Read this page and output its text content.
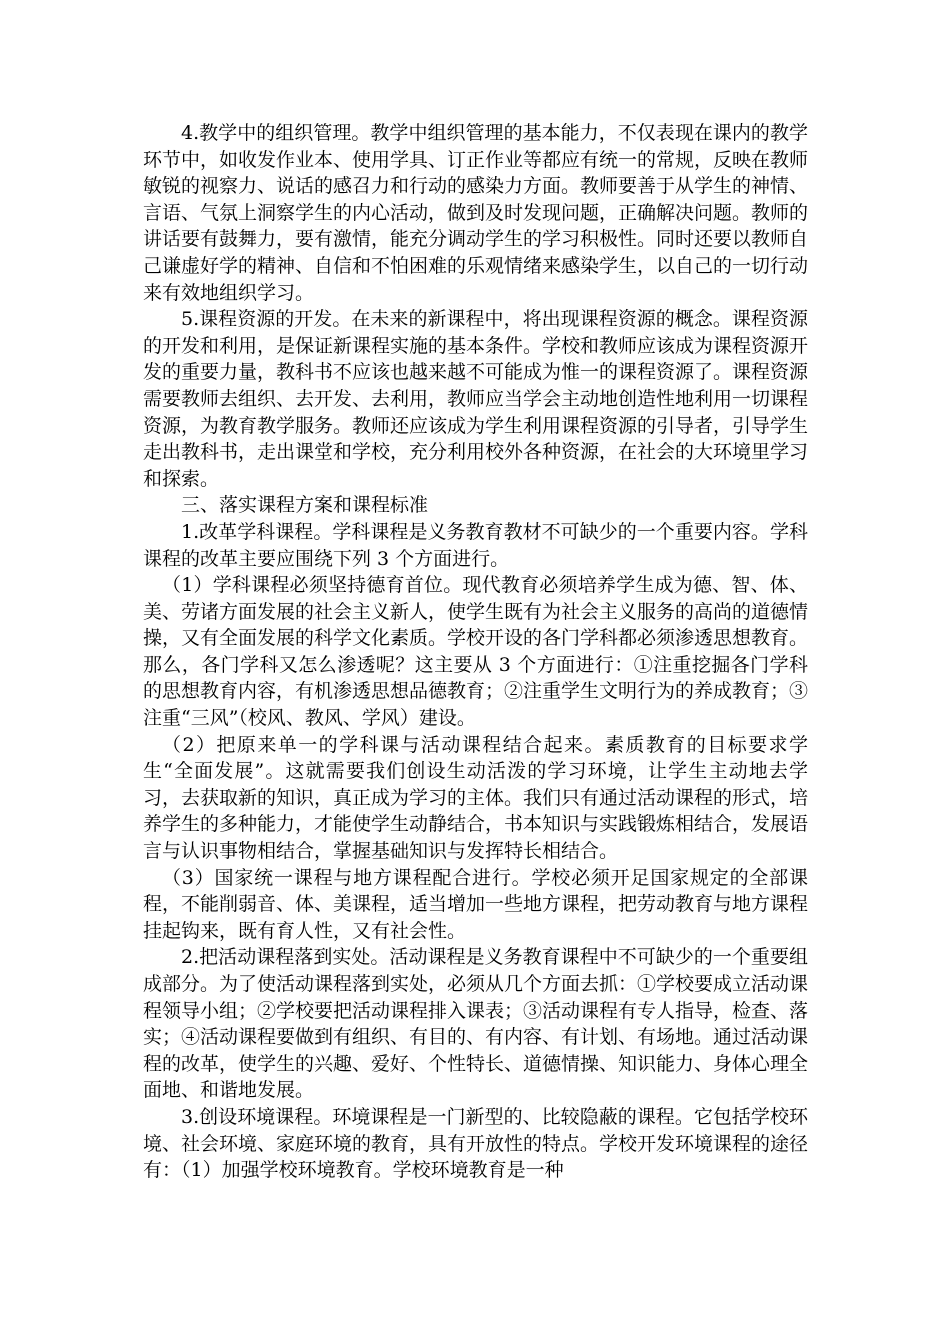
4.教学中的组织管理。教学中组织管理的基本能力，不仅表现在课内的教学环节中，如收发作业本、使用学具、订正作业等都应有统一的常规，反映在教师敏锐的视察力、说话的感召力和行动的感染力方面。教师要善于从学生的神情、言语、气氛上洞察学生的内心活动，做到及时发现问题，正确解决问题。教师的讲话要有鼓舞力，要有激情，能充分调动学生的学习积极性。同时还要以教师自己谦虚好学的精神、自信和不怕困难的乐观情绪来感染学生，以自己的一切行动来有效地组织学习。

5.课程资源的开发。在未来的新课程中，将出现课程资源的概念。课程资源的开发和利用，是保证新课程实施的基本条件。学校和教师应该成为课程资源开发的重要力量，教科书不应该也越来越不可能成为惟一的课程资源了。课程资源需要教师去组织、去开发、去利用，教师应当学会主动地创造性地利用一切课程资源，为教育教学服务。教师还应该成为学生利用课程资源的引导者，引导学生走出教科书，走出课堂和学校，充分利用校外各种资源，在社会的大环境里学习和探索。

三、落实课程方案和课程标准

1.改革学科课程。学科课程是义务教育教材不可缺少的一个重要内容。学科课程的改革主要应围绕下列 3 个方面进行。

（1）学科课程必须坚持德育首位。现代教育必须培养学生成为德、智、体、美、劳诸方面发展的社会主义新人，使学生既有为社会主义服务的高尚的道德情操，又有全面发展的科学文化素质。学校开设的各门学科都必须渗透思想教育。那么，各门学科又怎么渗透呢？这主要从 3 个方面进行：①注重挖掘各门学科的思想教育内容，有机渗透思想品德教育；②注重学生文明行为的养成教育；③注重“三风”（校风、教风、学风）建设。

（2）把原来单一的学科课与活动课程结合起来。素质教育的目标要求学生“全面发展”。这就需要我们创设生动活泼的学习环境，让学生主动地去学习，去获取新的知识，真正成为学习的主体。我们只有通过活动课程的形式，培养学生的多种能力，才能使学生动静结合，书本知识与实践锻炼相结合，发展语言与认识事物相结合，掌握基础知识与发挥特长相结合。

（3）国家统一课程与地方课程配合进行。学校必须开足国家规定的全部课程，不能削弱音、体、美课程，适当增加一些地方课程，把劳动教育与地方课程挂起钩来，既有育人性，又有社会性。

2.把活动课程落到实处。活动课程是义务教育课程中不可缺少的一个重要组成部分。为了使活动课程落到实处，必须从几个方面去抓：①学校要成立活动课程领导小组；②学校要把活动课程排入课表；③活动课程有专人指导，检查、落实；④活动课程要做到有组织、有目的、有内容、有计划、有场地。通过活动课程的改革，使学生的兴趣、爱好、个性特长、道德情操、知识能力、身体心理全面地、和谐地发展。

3.创设环境课程。环境课程是一门新型的、比较隐蔽的课程。它包括学校环境、社会环境、家庭环境的教育，具有开放性的特点。学校开发环境课程的途径有：（1）加强学校环境教育。学校环境教育是一种
